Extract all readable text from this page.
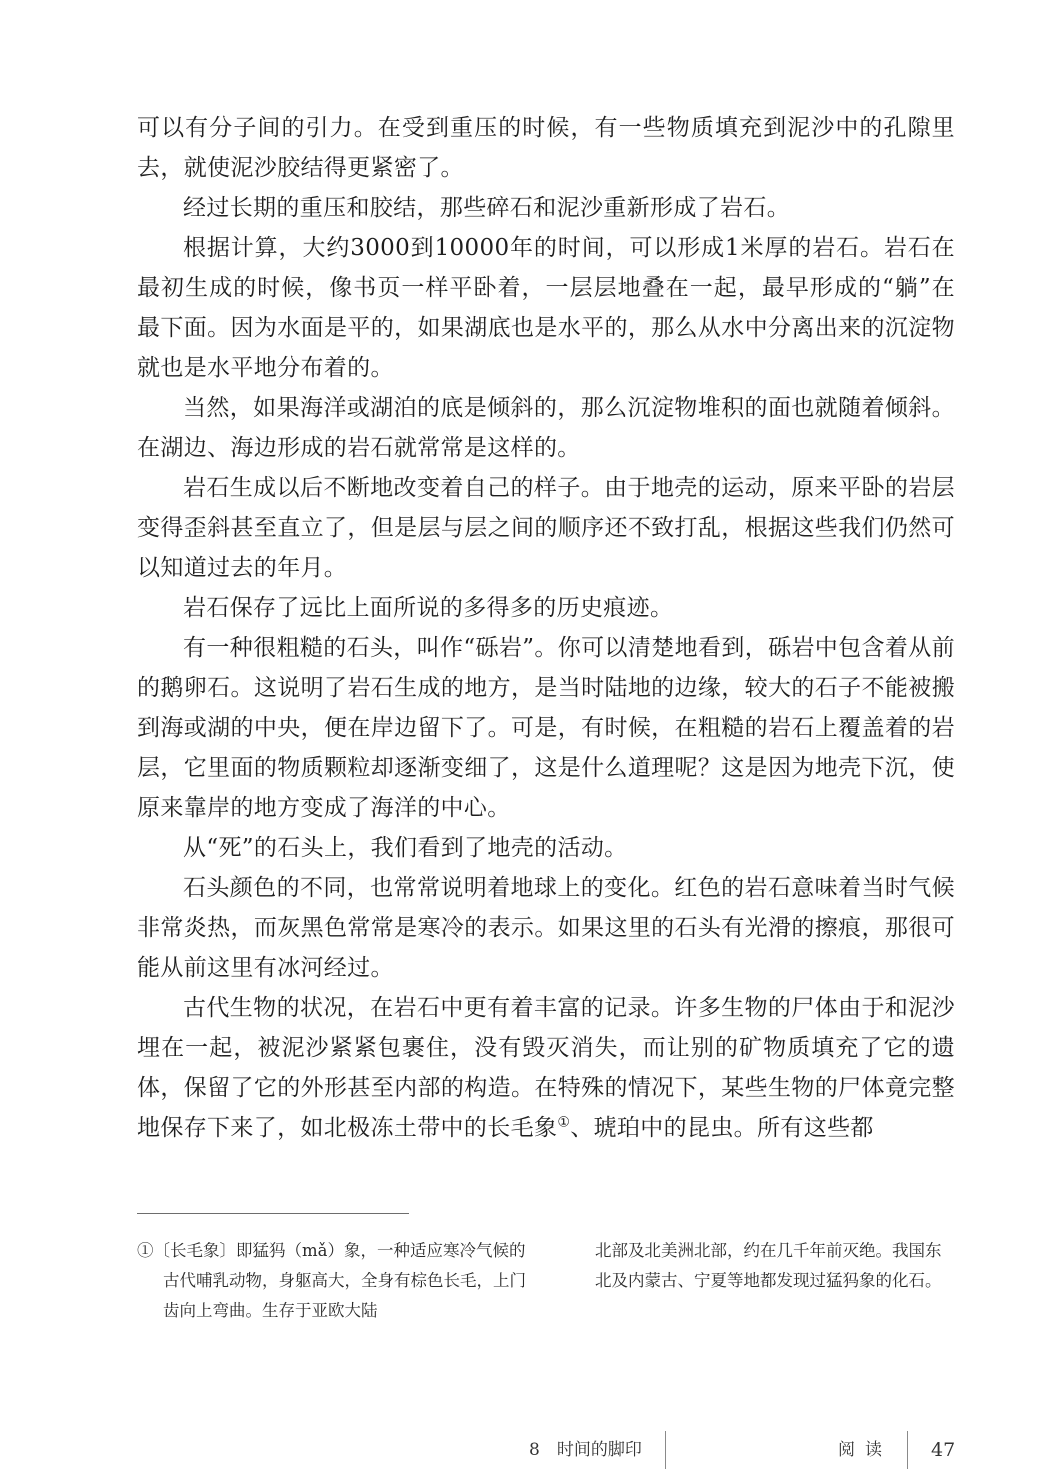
可以有分子间的引力。在受到重压的时候，有一些物质填充到泥沙中的孔隙里去，就使泥沙胶结得更紧密了。

经过长期的重压和胶结，那些碎石和泥沙重新形成了岩石。

根据计算，大约3000到10000年的时间，可以形成1米厚的岩石。岩石在最初生成的时候，像书页一样平卧着，一层层地叠在一起，最早形成的“躺”在最下面。因为水面是平的，如果湖底也是水平的，那么从水中分离出来的沉淀物就也是水平地分布着的。

当然，如果海洋或湖泊的底是倾斜的，那么沉淀物堆积的面也就随着倾斜。在湖边、海边形成的岩石就常常是这样的。

岩石生成以后不断地改变着自己的样子。由于地壳的运动，原来平卧的岩层变得歪斜甚至直立了，但是层与层之间的顺序还不致打乱，根据这些我们仍然可以知道过去的年月。

岩石保存了远比上面所说的多得多的历史痕迹。

有一种很粗糙的石头，叫作“砾岩”。你可以清楚地看到，砾岩中包含着从前的鹅卵石。这说明了岩石生成的地方，是当时陆地的边缘，较大的石子不能被搬到海或湖的中央，便在岸边留下了。可是，有时候，在粗糙的岩石上覆盖着的岩层，它里面的物质颗粒却逐渐变细了，这是什么道理呢？这是因为地壳下沉，使原来靠岸的地方变成了海洋的中心。

从“死”的石头上，我们看到了地壳的活动。

石头颜色的不同，也常常说明着地球上的变化。红色的岩石意味着当时气候非常炎热，而灰黑色常常是寒冷的表示。如果这里的石头有光滑的擦痕，那很可能从前这里有冰河经过。

古代生物的状况，在岩石中更有着丰富的记录。许多生物的尸体由于和泥沙埋在一起，被泥沙紧紧包裹住，没有毁灭消失，而让别的矿物质填充了它的遗体，保留了它的外形甚至内部的构造。在特殊的情况下，某些生物的尸体竟完整地保存下来了，如北极冻土带中的长毛象①、琥珀中的昆虫。所有这些都

①〔长毛象〕即猛犸（mǎ）象，一种适应寒冷气候的古代哺乳动物，身躯高大，全身有棕色长毛，上门齿向上弯曲。生存于亚欧大陆

北部及北美洲北部，约在几千年前灭绝。我国东北及内蒙古、宁夏等地都发现过猛犸象的化石。

8　时间的脚印	阅读 47
